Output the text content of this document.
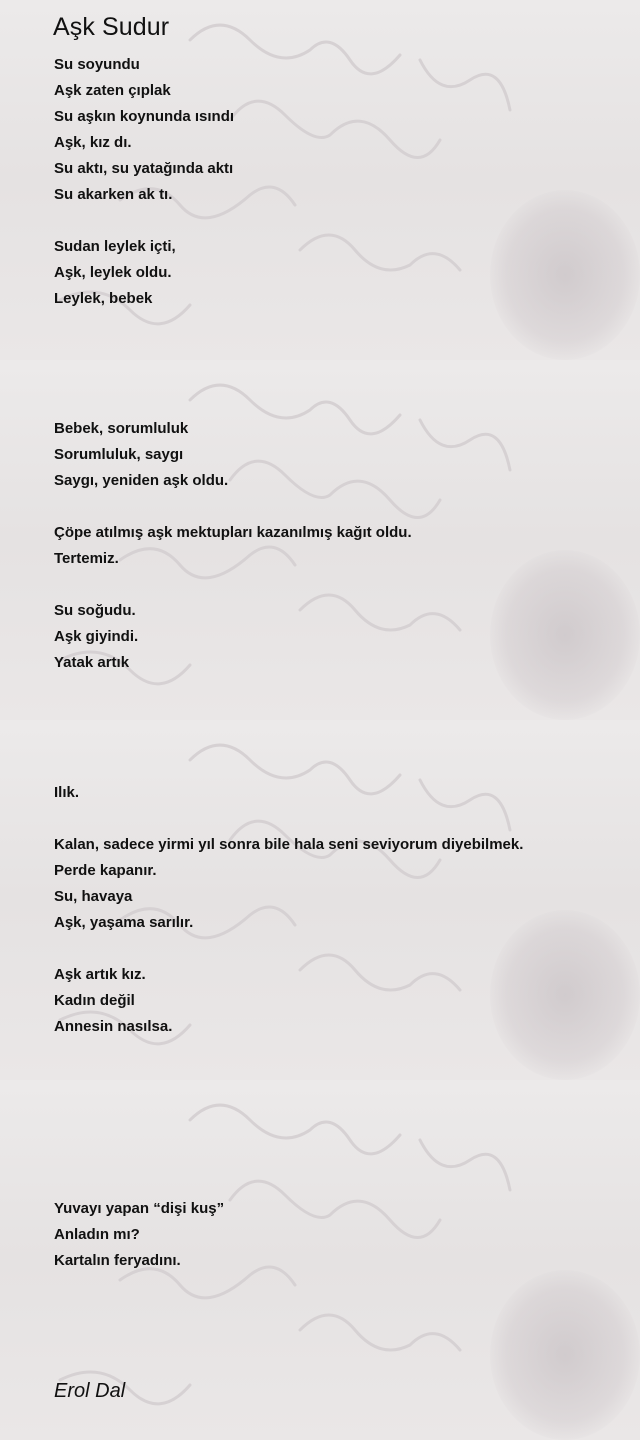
Aşk Sudur
Su soyundu
Aşk zaten çıplak
Su aşkın koynunda ısındı
Aşk, kız dı.
Su aktı, su yatağında aktı
Su akarken ak tı.
Sudan leylek içti,
Aşk, leylek oldu.
Leylek, bebek
Bebek, sorumluluk
Sorumluluk, saygı
Saygı, yeniden aşk oldu.
Çöpe atılmış aşk mektupları kazanılmış kağıt oldu.
Tertemiz.
Su soğudu.
Aşk giyindi.
Yatak artık
Ilık.
Kalan, sadece yirmi yıl sonra bile hala seni seviyorum diyebilmek.
Perde kapanır.
Su, havaya
Aşk, yaşama sarılır.
Aşk artık kız.
Kadın değil
Annesin nasılsa.
Yuvayı yapan “dişi kuş”
Anladın mı?
Kartalın feryadını.
Erol Dal
